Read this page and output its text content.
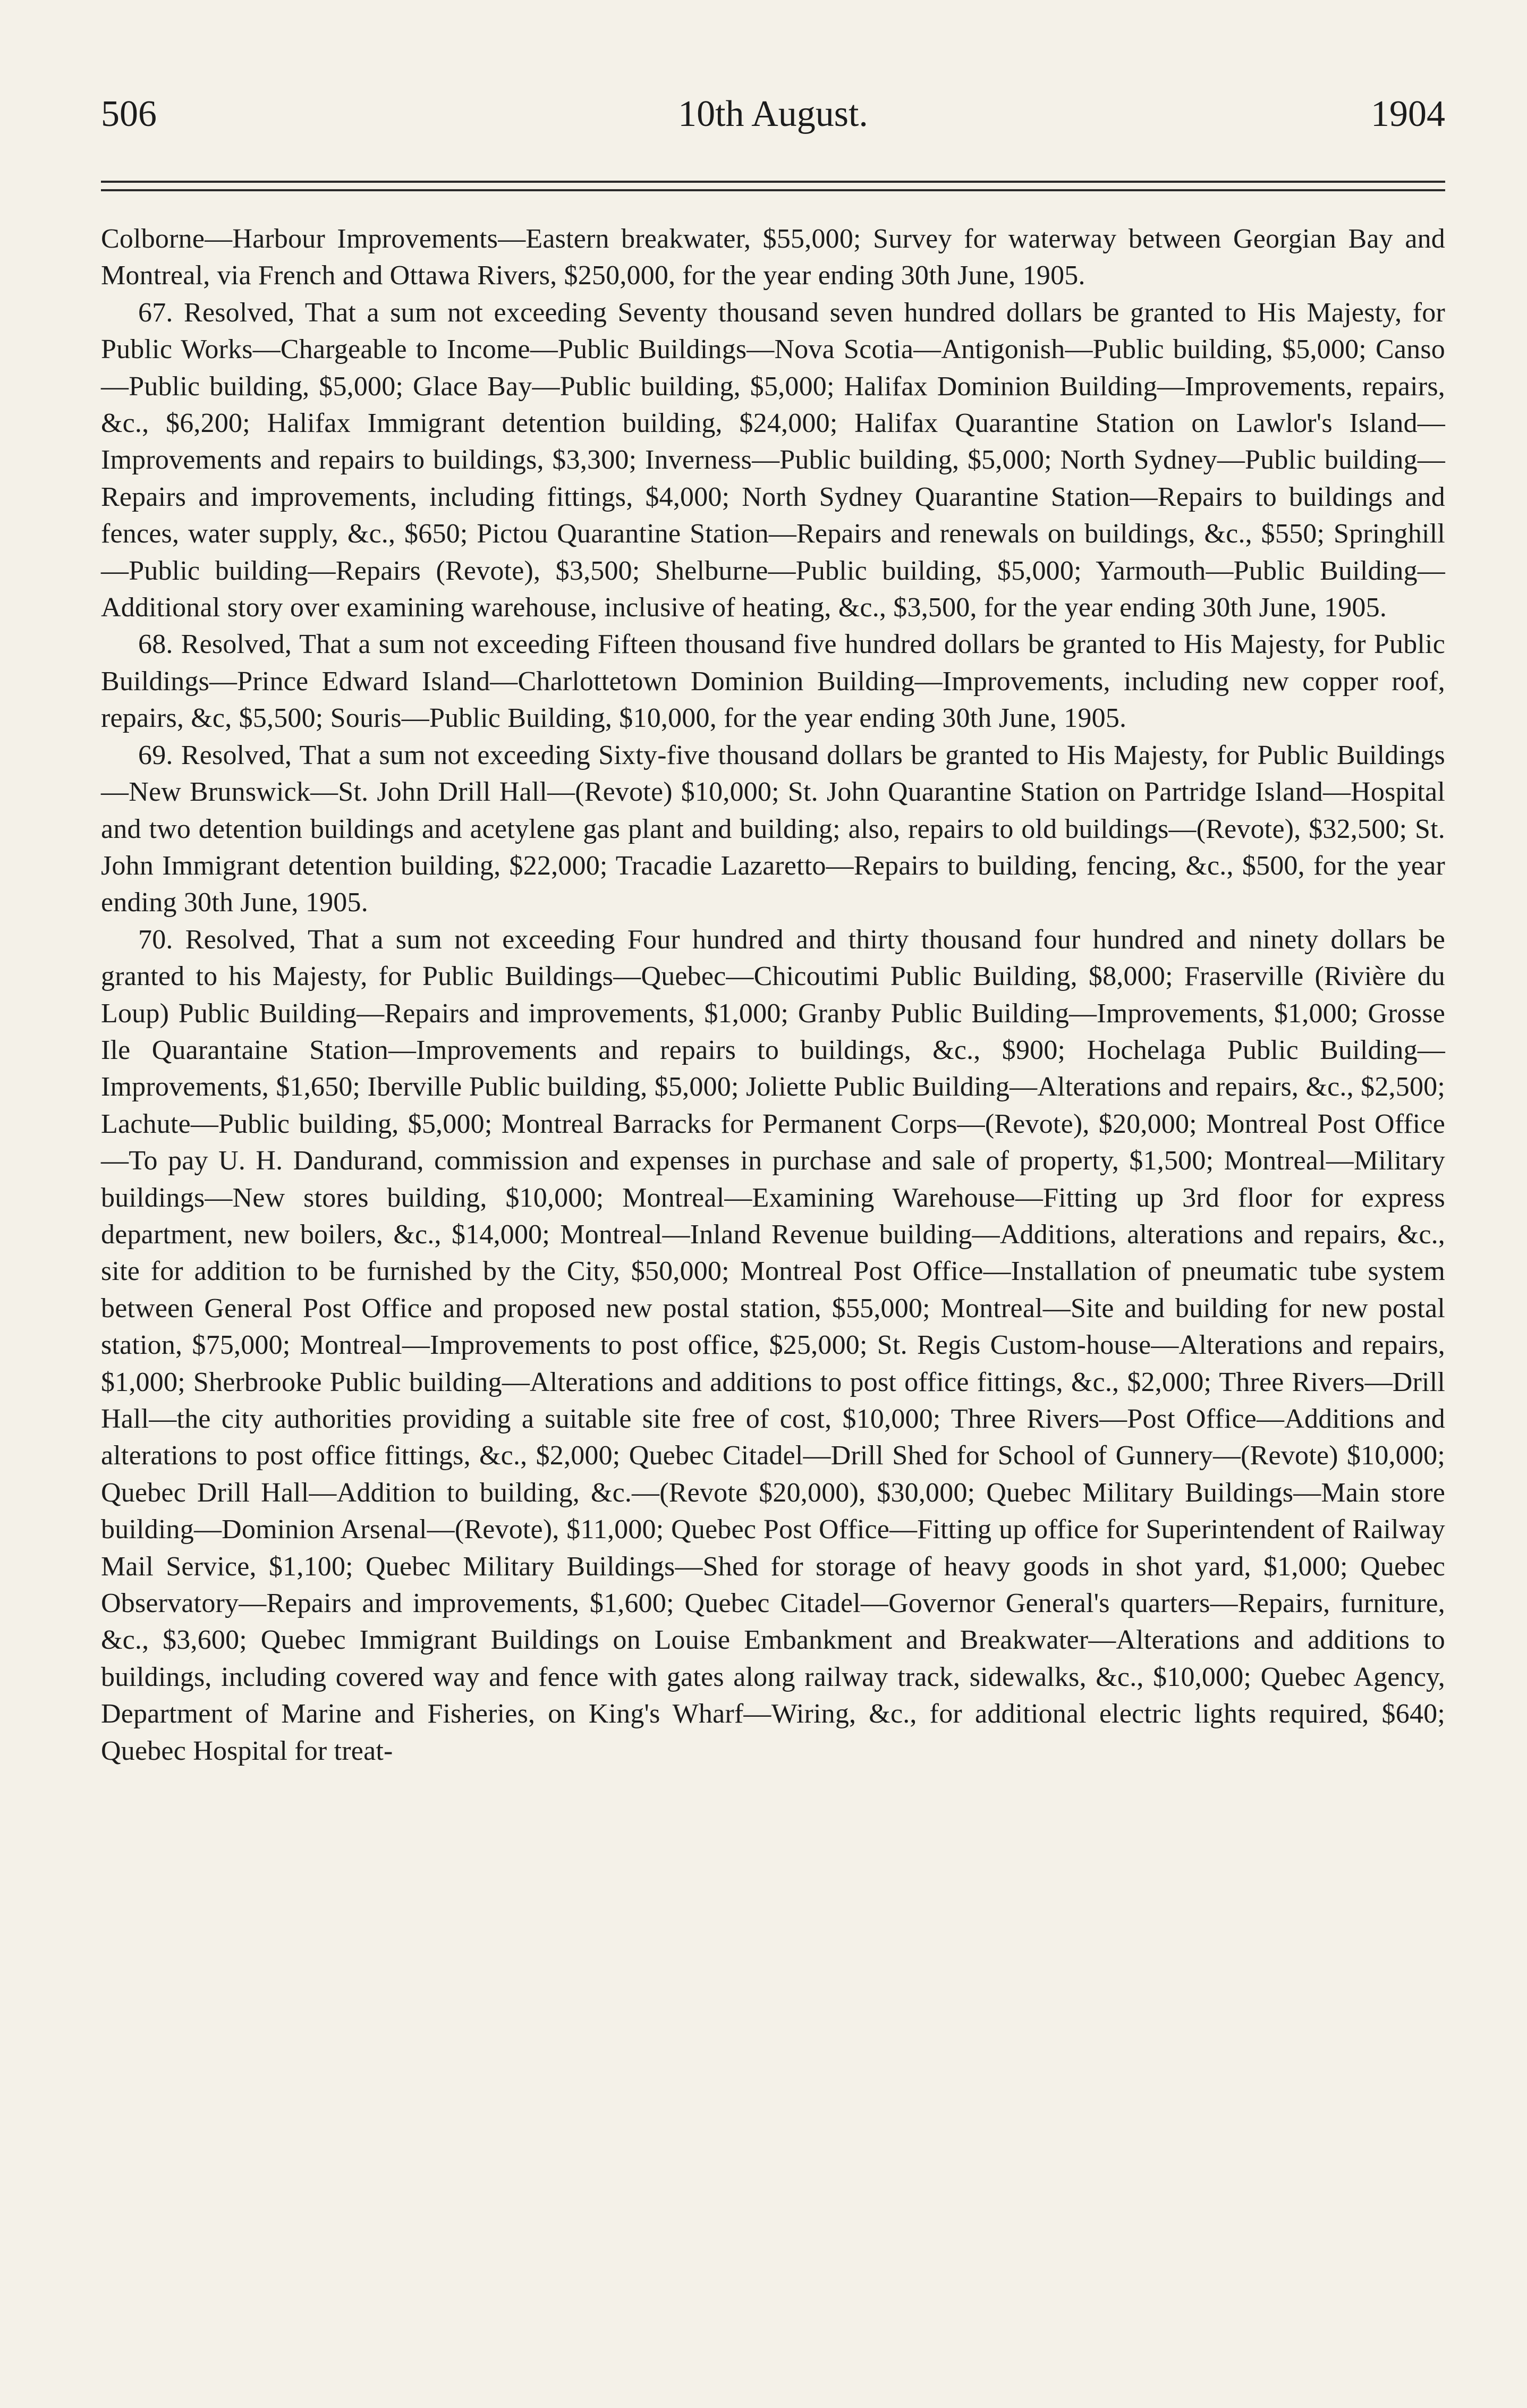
506	10th August.	1904

Colborne—Harbour Improvements—Eastern breakwater, $55,000; Survey for waterway between Georgian Bay and Montreal, via French and Ottawa Rivers, $250,000, for the year ending 30th June, 1905.

67. Resolved, That a sum not exceeding Seventy thousand seven hundred dollars be granted to His Majesty, for Public Works—Chargeable to Income—Public Buildings—Nova Scotia—Antigonish—Public building, $5,000; Canso—Public building, $5,000; Glace Bay—Public building, $5,000; Halifax Dominion Building—Improvements, repairs, &c., $6,200; Halifax Immigrant detention building, $24,000; Halifax Quarantine Station on Lawlor's Island—Improvements and repairs to buildings, $3,300; Inverness—Public building, $5,000; North Sydney—Public building—Repairs and improvements, including fittings, $4,000; North Sydney Quarantine Station—Repairs to buildings and fences, water supply, &c., $650; Pictou Quarantine Station—Repairs and renewals on buildings, &c., $550; Springhill—Public building—Repairs (Revote), $3,500; Shelburne—Public building, $5,000; Yarmouth—Public Building—Additional story over examining warehouse, inclusive of heating, &c., $3,500, for the year ending 30th June, 1905.

68. Resolved, That a sum not exceeding Fifteen thousand five hundred dollars be granted to His Majesty, for Public Buildings—Prince Edward Island—Charlottetown Dominion Building—Improvements, including new copper roof, repairs, &c, $5,500; Souris—Public Building, $10,000, for the year ending 30th June, 1905.

69. Resolved, That a sum not exceeding Sixty-five thousand dollars be granted to His Majesty, for Public Buildings—New Brunswick—St. John Drill Hall—(Revote) $10,000; St. John Quarantine Station on Partridge Island—Hospital and two detention buildings and acetylene gas plant and building; also, repairs to old buildings—(Revote), $32,500; St. John Immigrant detention building, $22,000; Tracadie Lazaretto—Repairs to building, fencing, &c., $500, for the year ending 30th June, 1905.

70. Resolved, That a sum not exceeding Four hundred and thirty thousand four hundred and ninety dollars be granted to his Majesty, for Public Buildings—Quebec—Chicoutimi Public Building, $8,000; Fraserville (Rivière du Loup) Public Building—Repairs and improvements, $1,000; Granby Public Building—Improvements, $1,000; Grosse Ile Quarantaine Station—Improvements and repairs to buildings, &c., $900; Hochelaga Public Building—Improvements, $1,650; Iberville Public building, $5,000; Joliette Public Building—Alterations and repairs, &c., $2,500; Lachute—Public building, $5,000; Montreal Barracks for Permanent Corps—(Revote), $20,000; Montreal Post Office—To pay U. H. Dandurand, commission and expenses in purchase and sale of property, $1,500; Montreal—Military buildings—New stores building, $10,000; Montreal—Examining Warehouse—Fitting up 3rd floor for express department, new boilers, &c., $14,000; Montreal—Inland Revenue building—Additions, alterations and repairs, &c., site for addition to be furnished by the City, $50,000; Montreal Post Office—Installation of pneumatic tube system between General Post Office and proposed new postal station, $55,000; Montreal—Site and building for new postal station, $75,000; Montreal—Improvements to post office, $25,000; St. Regis Custom-house—Alterations and repairs, $1,000; Sherbrooke Public building—Alterations and additions to post office fittings, &c., $2,000; Three Rivers—Drill Hall—the city authorities providing a suitable site free of cost, $10,000; Three Rivers—Post Office—Additions and alterations to post office fittings, &c., $2,000; Quebec Citadel—Drill Shed for School of Gunnery—(Revote) $10,000; Quebec Drill Hall—Addition to building, &c.—(Revote $20,000), $30,000; Quebec Military Buildings—Main store building—Dominion Arsenal—(Revote), $11,000; Quebec Post Office—Fitting up office for Superintendent of Railway Mail Service, $1,100; Quebec Military Buildings—Shed for storage of heavy goods in shot yard, $1,000; Quebec Observatory—Repairs and improvements, $1,600; Quebec Citadel—Governor General's quarters—Repairs, furniture, &c., $3,600; Quebec Immigrant Buildings on Louise Embankment and Breakwater—Alterations and additions to buildings, including covered way and fence with gates along railway track, sidewalks, &c., $10,000; Quebec Agency, Department of Marine and Fisheries, on King's Wharf—Wiring, &c., for additional electric lights required, $640; Quebec Hospital for treat-
